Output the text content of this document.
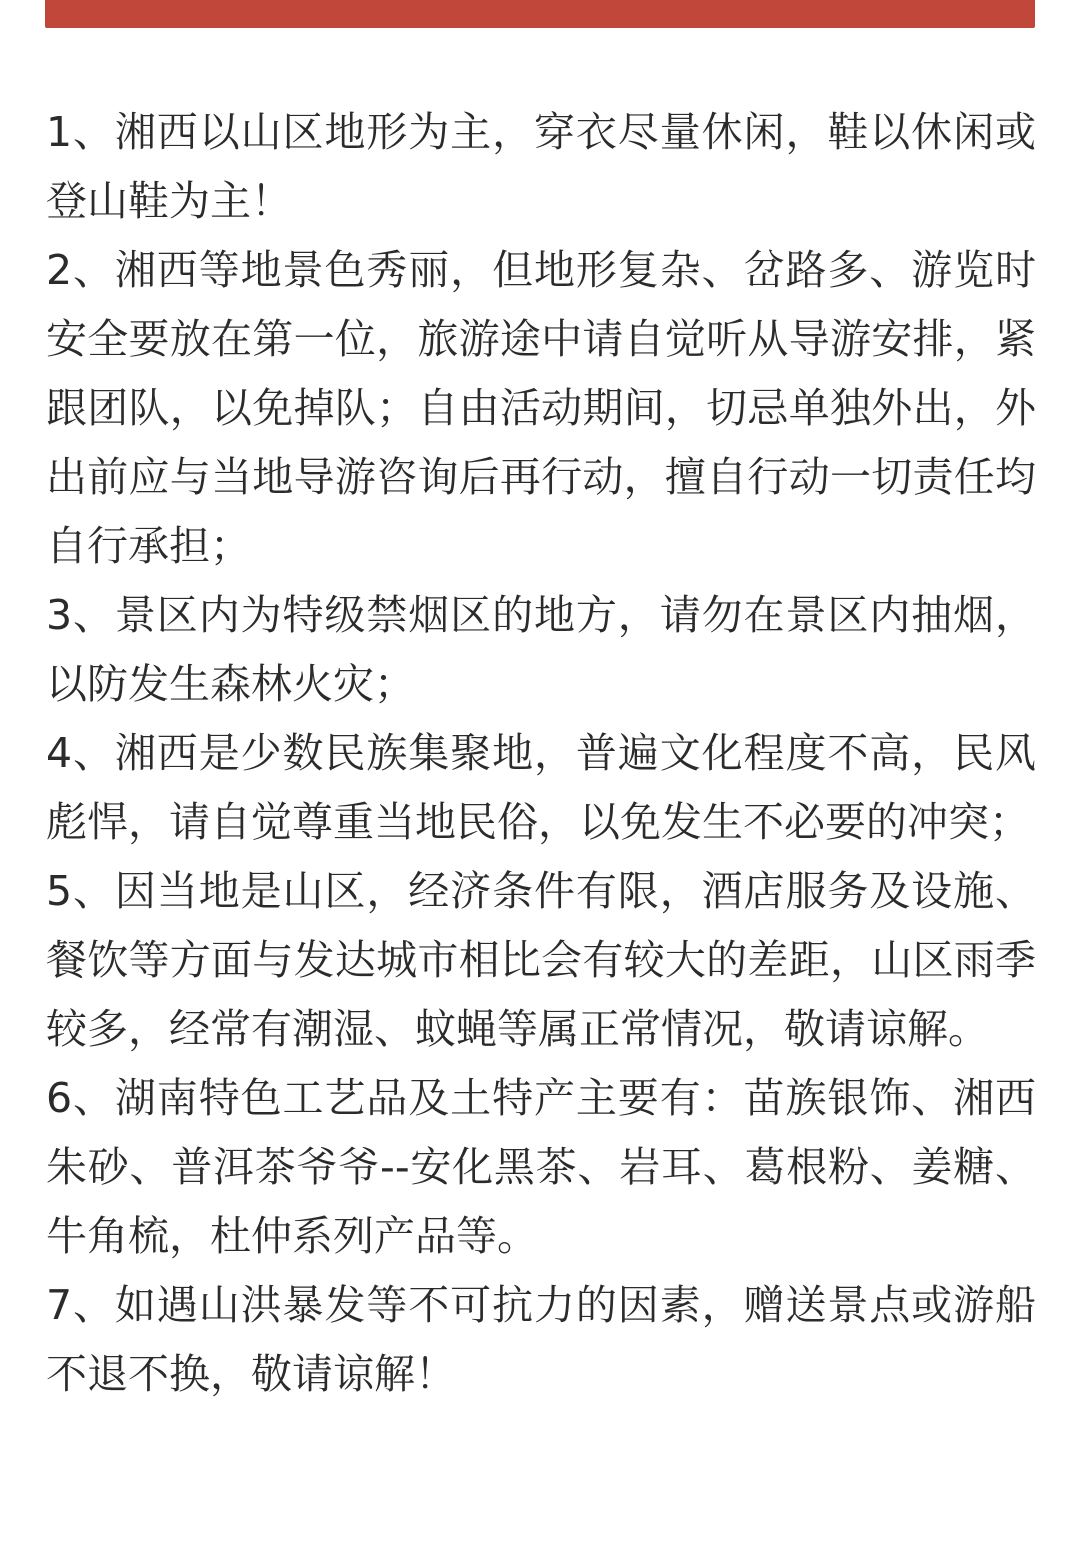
1、湘西以山区地形为主，穿衣尽量休闲，鞋以休闲或登山鞋为主！

2、湘西等地景色秀丽，但地形复杂、岔路多、游览时安全要放在第一位，旅游途中请自觉听从导游安排，紧跟团队，以免掉队；自由活动期间，切忌单独外出，外出前应与当地导游咨询后再行动，擅自行动一切责任均自行承担；

3、景区内为特级禁烟区的地方，请勿在景区内抽烟，以防发生森林火灾；

4、湘西是少数民族集聚地，普遍文化程度不高，民风彪悍，请自觉尊重当地民俗，以免发生不必要的冲突；

5、因当地是山区，经济条件有限，酒店服务及设施、餐饮等方面与发达城市相比会有较大的差距，山区雨季较多，经常有潮湿、蚊蝇等属正常情况，敬请谅解。

6、湖南特色工艺品及土特产主要有：苗族银饰、湘西朱砂、普洱茶爷爷--安化黑茶、岩耳、葛根粉、姜糖、牛角梳，杜仲系列产品等。

7、如遇山洪暴发等不可抗力的因素，赠送景点或游船不退不换，敬请谅解！
